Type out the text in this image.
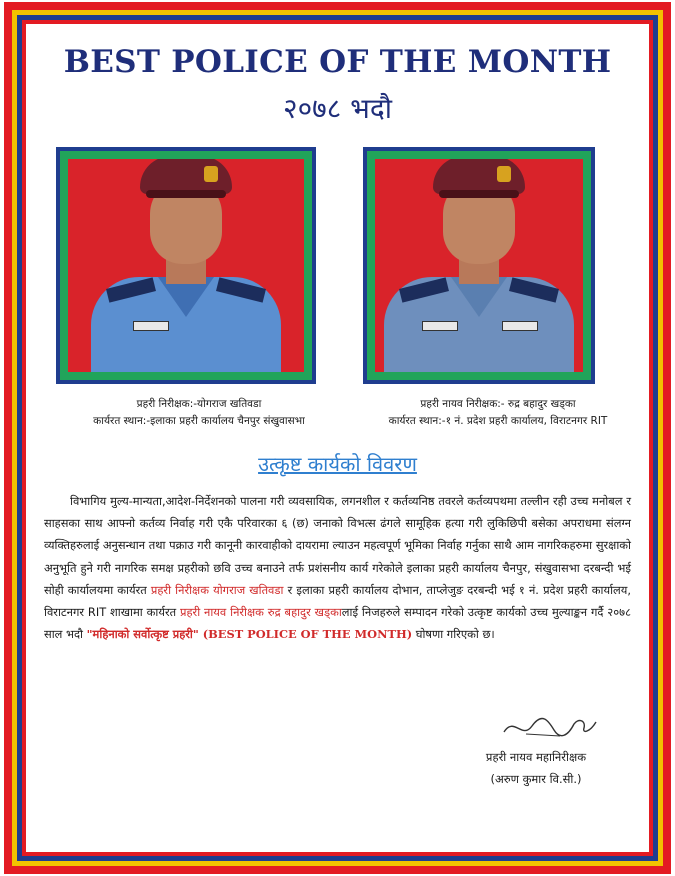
BEST POLICE OF THE MONTH
२०७८ भदौ
प्रहरी निरीक्षक:-योगराज खतिवडा
कार्यरत स्थान:-इलाका प्रहरी कार्यालय चैनपुर संखुवासभा
प्रहरी नायव निरीक्षक:- रुद्र बहादुर खड्का
कार्यरत स्थान:-१ नं. प्रदेश प्रहरी कार्यालय, विराटनगर RIT
उत्कृष्ट कार्यको विवरण
विभागिय मुल्य-मान्यता,आदेश-निर्देशनको पालना गरी व्यवसायिक, लगनशील र कर्तव्यनिष्ठ तवरले कर्तव्यपथमा तल्लीन रही उच्च मनोबल र साहसका साथ आफ्नो कर्तव्य निर्वाह गरी एकै परिवारका ६ (छ) जनाको विभत्स ढंगले सामूहिक हत्या गरी लुकिछिपी बसेका अपराधमा संलग्न व्यक्तिहरुलाई अनुसन्धान तथा पक्राउ गरी कानूनी कारवाहीको दायरामा ल्याउन महत्वपूर्ण भूमिका निर्वाह गर्नुका साथै आम नागरिकहरुमा सुरक्षाको अनुभूति हुने गरी नागरिक समक्ष प्रहरीको छवि उच्च बनाउने तर्फ प्रशंसनीय कार्य गरेकोले इलाका प्रहरी कार्यालय चैनपुर, संखुवासभा दरबन्दी भई सोही कार्यालयमा कार्यरत प्रहरी निरीक्षक योगराज खतिवडा र इलाका प्रहरी कार्यालय दोभान, ताप्लेजुङ दरबन्दी भई १ नं. प्रदेश प्रहरी कार्यालय, विराटनगर RIT शाखामा कार्यरत प्रहरी नायव निरीक्षक रुद्र बहादुर खड्कालाई निजहरुले सम्पादन गरेको उत्कृष्ट कार्यको उच्च मुल्याङ्कन गर्दै २०७८ साल भदौ "महिनाको सर्वोत्कृष्ट प्रहरी" (BEST POLICE OF THE MONTH) घोषणा गरिएको छ।
प्रहरी नायव महानिरीक्षक
(अरुण कुमार वि.सी.)
